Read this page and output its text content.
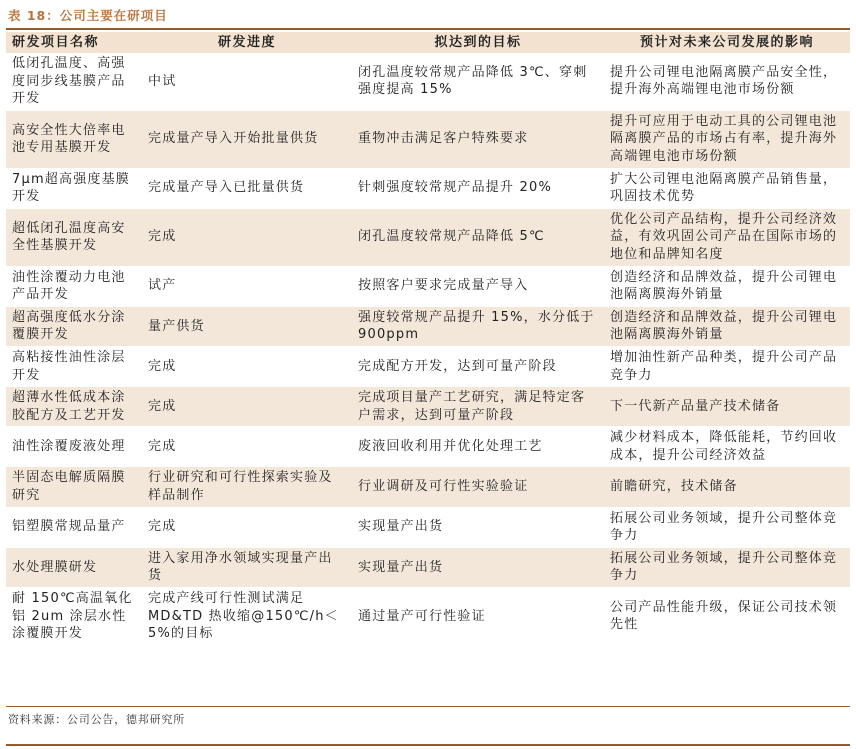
表 18：公司主要在研项目
研发项目名称	研发进度	拟达到的目标	预计对未来公司发展的影响
低闭孔温度、高强度同步线基膜产品开发	中试	闭孔温度较常规产品降低 3℃、穿刺强度提高 15%	提升公司锂电池隔离膜产品安全性，提升海外高端锂电池市场份额
高安全性大倍率电池专用基膜开发	完成量产导入开始批量供货	重物冲击满足客户特殊要求	提升可应用于电动工具的公司锂电池隔离膜产品的市场占有率，提升海外高端锂电池市场份额
7μm超高强度基膜开发	完成量产导入已批量供货	针刺强度较常规产品提升 20%	扩大公司锂电池隔离膜产品销售量，巩固技术优势
超低闭孔温度高安全性基膜开发	完成	闭孔温度较常规产品降低 5℃	优化公司产品结构，提升公司经济效益，有效巩固公司产品在国际市场的地位和品牌知名度
油性涂覆动力电池产品开发	试产	按照客户要求完成量产导入	创造经济和品牌效益，提升公司锂电池隔离膜海外销量
超高强度低水分涂覆膜开发	量产供货	强度较常规产品提升 15%，水分低于 900ppm	创造经济和品牌效益，提升公司锂电池隔离膜海外销量
高粘接性油性涂层开发	完成	完成配方开发，达到可量产阶段	增加油性新产品种类，提升公司产品竞争力
超薄水性低成本涂胶配方及工艺开发	完成	完成项目量产工艺研究，满足特定客户需求，达到可量产阶段	下一代新产品量产技术储备
油性涂覆废液处理	完成	废液回收利用并优化处理工艺	减少材料成本，降低能耗，节约回收成本，提升公司经济效益
半固态电解质隔膜研究	行业研究和可行性探索实验及样品制作	行业调研及可行性实验验证	前瞻研究，技术储备
铝塑膜常规品量产	完成	实现量产出货	拓展公司业务领域，提升公司整体竞争力
水处理膜研发	进入家用净水领域实现量产出货	实现量产出货	拓展公司业务领域，提升公司整体竞争力
耐 150℃高温氧化铝 2um 涂层水性涂覆膜开发	完成产线可行性测试满足MD&TD 热收缩@150℃/h＜5%的目标	通过量产可行性验证	公司产品性能升级，保证公司技术领先性
资料来源：公司公告，德邦研究所
